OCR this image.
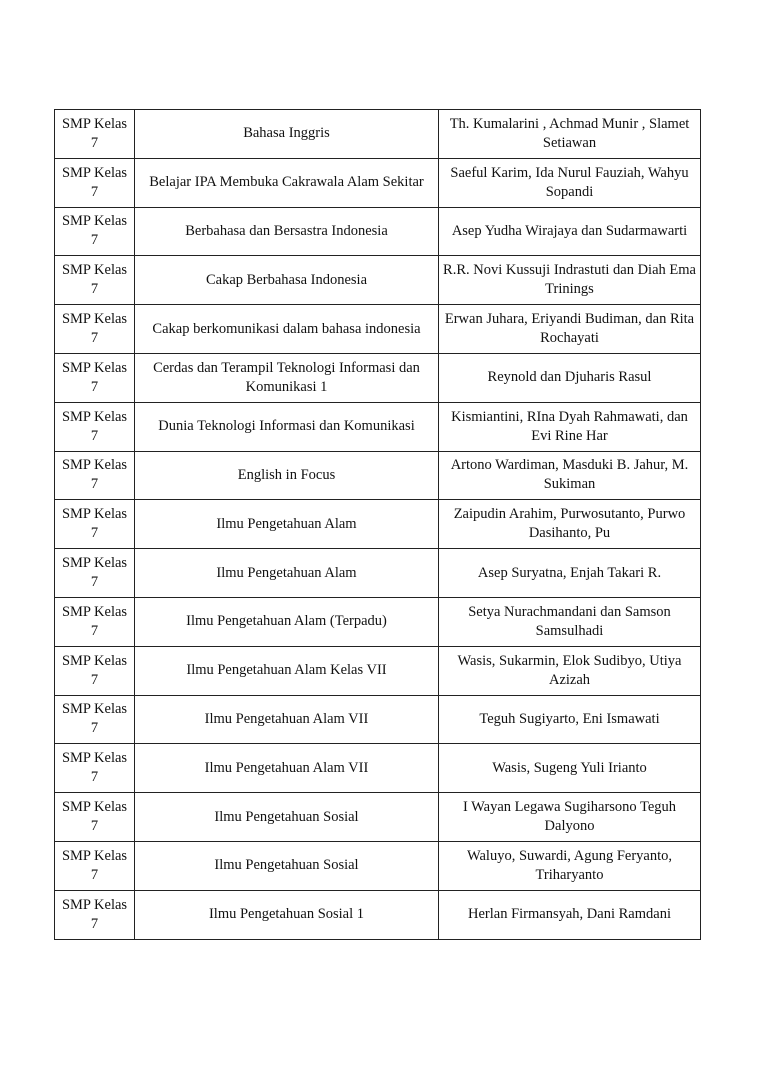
SMP Kelas
7	Bahasa Inggris	Th. Kumalarini , Achmad Munir , Slamet Setiawan

SMP Kelas
7	Belajar IPA Membuka Cakrawala Alam Sekitar	Saeful Karim, Ida Nurul Fauziah, Wahyu Sopandi

SMP Kelas
7	Berbahasa dan Bersastra Indonesia	Asep Yudha Wirajaya dan Sudarmawarti

SMP Kelas
7	Cakap Berbahasa Indonesia	R.R. Novi Kussuji Indrastuti dan Diah Ema Trinings

SMP Kelas
7	Cakap berkomunikasi dalam bahasa indonesia	Erwan Juhara, Eriyandi Budiman, dan Rita Rochayati

SMP Kelas
7	Cerdas dan Terampil Teknologi Informasi dan Komunikasi 1	Reynold dan Djuharis Rasul

SMP Kelas
7	Dunia Teknologi Informasi dan Komunikasi	Kismiantini, RIna Dyah Rahmawati, dan Evi Rine Har

SMP Kelas
7	English in Focus	Artono Wardiman, Masduki B. Jahur, M. Sukiman

SMP Kelas
7	Ilmu Pengetahuan Alam	Zaipudin Arahim, Purwosutanto, Purwo Dasihanto, Pu

SMP Kelas
7	Ilmu Pengetahuan Alam	Asep Suryatna, Enjah Takari R.

SMP Kelas
7	Ilmu Pengetahuan Alam (Terpadu)	Setya Nurachmandani dan Samson Samsulhadi

SMP Kelas
7	Ilmu Pengetahuan Alam Kelas VII	Wasis, Sukarmin, Elok Sudibyo, Utiya Azizah

SMP Kelas
7	Ilmu Pengetahuan Alam VII	Teguh Sugiyarto, Eni Ismawati

SMP Kelas
7	Ilmu Pengetahuan Alam VII	Wasis, Sugeng Yuli Irianto

SMP Kelas
7	Ilmu Pengetahuan Sosial	I Wayan Legawa Sugiharsono Teguh Dalyono

SMP Kelas
7	Ilmu Pengetahuan Sosial	Waluyo, Suwardi, Agung Feryanto, Triharyanto

SMP Kelas
7	Ilmu Pengetahuan Sosial 1	Herlan Firmansyah, Dani Ramdani
